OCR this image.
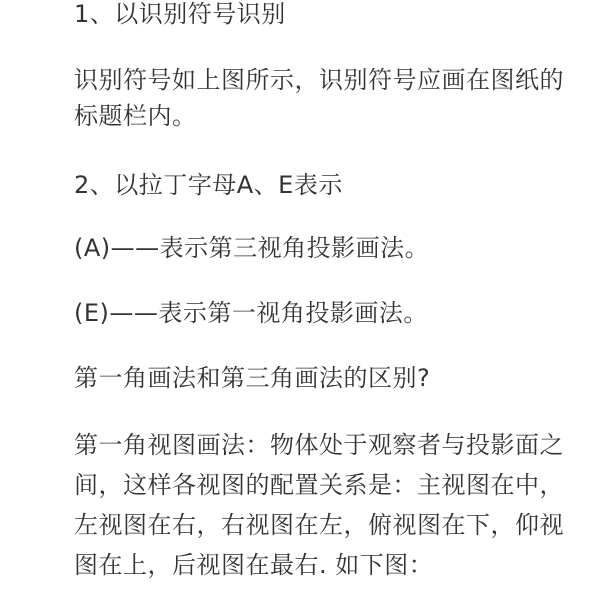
1、以识别符号识别

识别符号如上图所示，识别符号应画在图纸的标题栏内。

2、以拉丁字母A、E表示

(A)——表示第三视角投影画法。

(E)——表示第一视角投影画法。

第一角画法和第三角画法的区别?

第一角视图画法：物体处于观察者与投影面之间，这样各视图的配置关系是：主视图在中，左视图在右，右视图在左，俯视图在下，仰视图在上，后视图在最右. 如下图：
